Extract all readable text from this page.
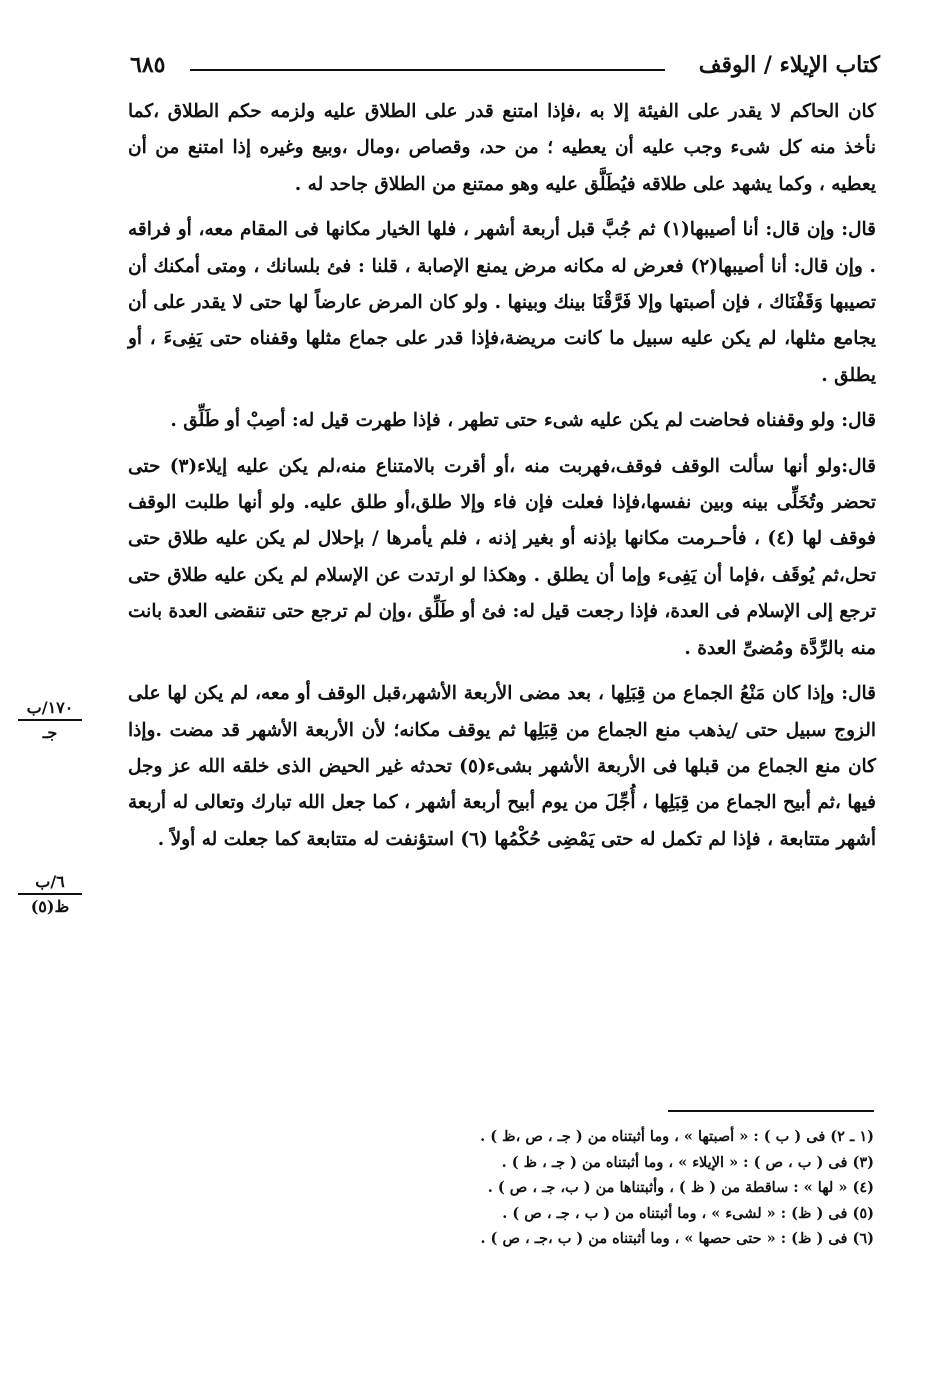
كتاب الإيلاء / الوقف
٦٨٥

كان الحاكم لا يقدر على الفيئة إلا به ،فإذا امتنع قدر على الطلاق عليه ولزمه حكم الطلاق ،كما نأخذ منه كل شىء وجب عليه أن يعطيه ؛ من حد، وقصاص ،ومال ،وبيع وغيره إذا امتنع من أن يعطيه ، وكما يشهد على طلاقه فيُطَلَّق عليه وهو ممتنع من الطلاق جاحد له .

قال: وإن قال: أنا أصيبها(١) ثم جُبَّ قبل أربعة أشهر ، فلها الخيار مكانها فى المقام معه، أو فراقه . وإن قال: أنا أصيبها(٢) فعرض له مكانه مرض يمنع الإصابة ، قلنا : فئ بلسانك ، ومتى أمكنك أن تصيبها وَقَفْنَاك ، فإن أصبتها وإلا فَرَّقْنَا بينك وبينها . ولو كان المرض عارضاً لها حتى لا يقدر على أن يجامع مثلها، لم يكن عليه سبيل ما كانت مريضة،فإذا قدر على جماع مثلها وقفناه حتى يَفِىءَ ، أو يطلق .

قال: ولو وقفناه فحاضت لم يكن عليه شىء حتى تطهر ، فإذا طهرت قيل له: أصِبْ أو طَلِّق .

قال:ولو أنها سألت الوقف فوقف،فهربت منه ،أو أقرت بالامتناع منه،لم يكن عليه إيلاء(٣) حتى تحضر وتُخَلِّى بينه وبين نفسها،فإذا فعلت فإن فاء وإلا طلق،أو طلق عليه. ولو أنها طلبت الوقف فوقف لها (٤) ، فأحـرمت مكانها بإذنه أو بغير إذنه ، فلم يأمرها / بإحلال لم يكن عليه طلاق حتى تحل،ثم يُوقَف ،فإما أن يَفِىء وإما أن يطلق . وهكذا لو ارتدت عن الإسلام لم يكن عليه طلاق حتى ترجع إلى الإسلام فى العدة، فإذا رجعت قيل له: فئ أو طَلِّق ،وإن لم ترجع حتى تنقضى العدة بانت منه بالرِّدَّة ومُضىِّ العدة .

قال: وإذا كان مَنْعُ الجماع من قِبَلِها ، بعد مضى الأربعة الأشهر،قبل الوقف أو معه، لم يكن لها على الزوج سبيل حتى /يذهب منع الجماع من قِبَلِها ثم يوقف مكانه؛ لأن الأربعة الأشهر قد مضت .وإذا كان منع الجماع من قبلها فى الأربعة الأشهر بشىء(٥) تحدثه غير الحيض الذى خلقه الله عز وجل فيها ،ثم أبيح الجماع من قِبَلِها ، أُجِّلَ من يوم أبيح أربعة أشهر ، كما جعل الله تبارك وتعالى له أربعة أشهر متتابعة ، فإذا لم تكمل له حتى يَمْضِى حُكْمُها (٦) استؤنفت له متتابعة كما جعلت له أولاً .

١٧٠/ب
جـ
٦/ب
ظ(٥)
(١ ـ ٢) فى ( ب ) : « أصبتها » ، وما أثبتناه من ( جـ ، ص ،ظ ) .
(٣) فى ( ب ، ص ) : « الإيلاء » ، وما أثبتناه من ( جـ ، ظ ) .
(٤) « لها » : ساقطة من ( ظ ) ، وأثبتناها من ( ب، جـ ، ص ) .
(٥) فى ( ظ) : « لشىء » ، وما أثبتناه من ( ب ، جـ ، ص ) .
(٦) فى ( ظ) : « حتى حصها » ، وما أثبتناه من ( ب ،جـ ، ص ) .
